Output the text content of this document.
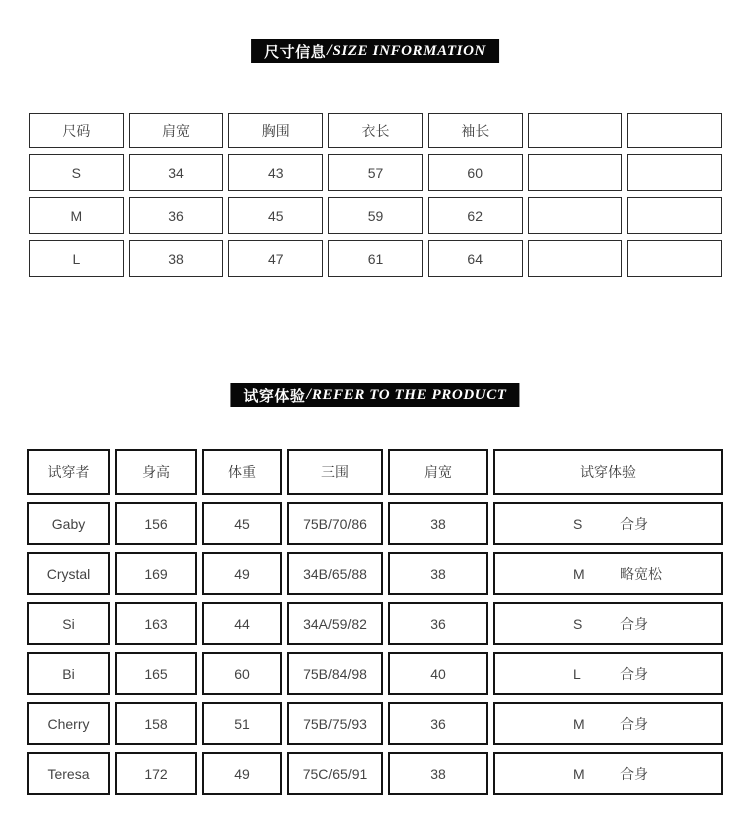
尺寸信息 / SIZE INFORMATION
尺码	肩宽	胸围	衣长	袖长
S	34	43	57	60
M	36	45	59	62
L	38	47	61	64
试穿体验 / REFER TO THE PRODUCT
试穿者	身高	体重	三围	肩宽	试穿体验
Gaby	156	45	75B/70/86	38	S	合身
Crystal	169	49	34B/65/88	38	M	略宽松
Si	163	44	34A/59/82	36	S	合身
Bi	165	60	75B/84/98	40	L	合身
Cherry	158	51	75B/75/93	36	M	合身
Teresa	172	49	75C/65/91	38	M	合身
